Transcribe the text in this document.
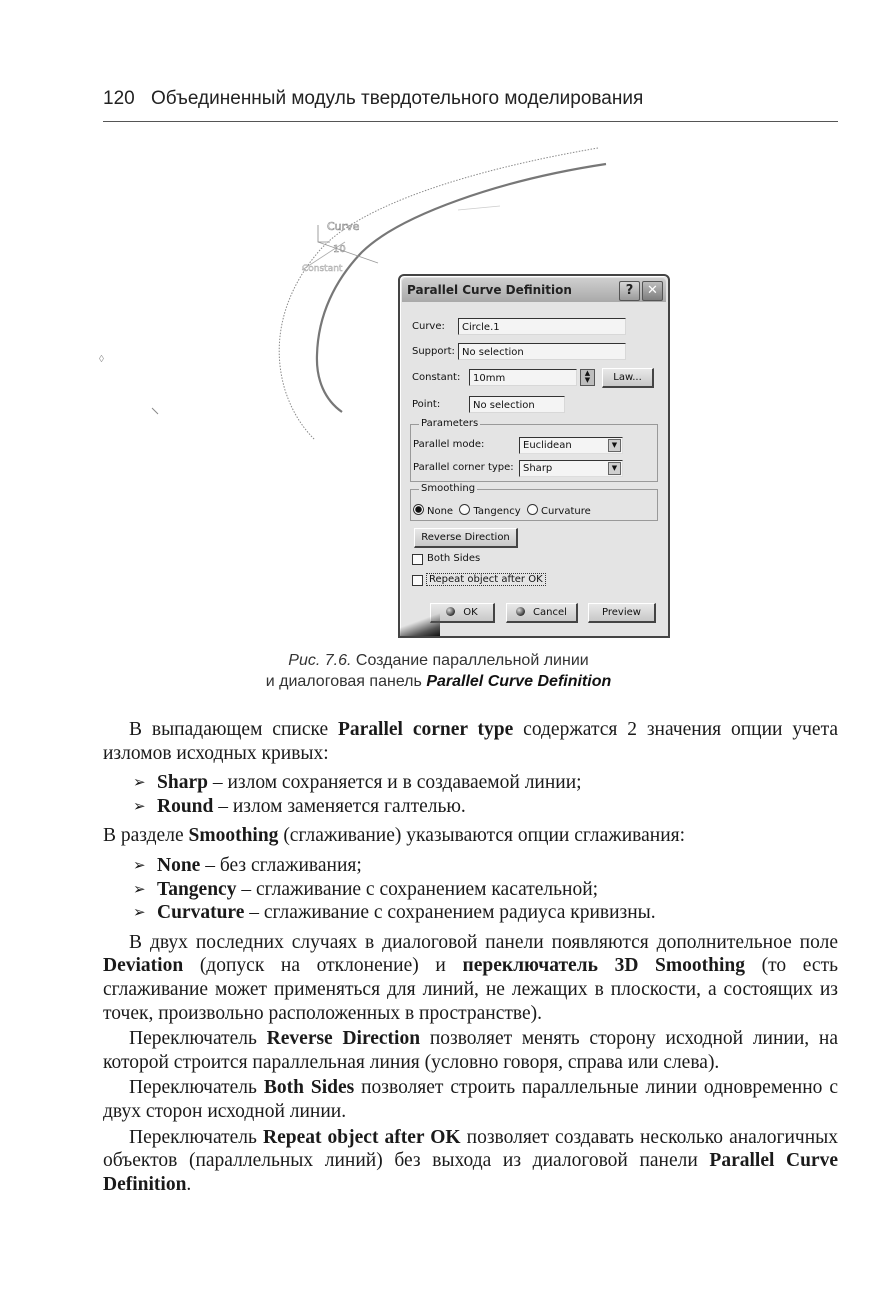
120 Объединенный модуль твердотельного моделирования
Curve
10
Constant
◊
Parallel Curve Definition	?	✕
Curve:	Circle.1
Support: No selection
Constant:	10mm	▲
▼	Law...
Point:	No selection
Parameters
Parallel mode:	Euclidean	▼
Parallel corner type: Sharp	▼
Smoothing
None Tangency Curvature
Reverse Direction
Both Sides
Repeat object after OK
OK	Cancel	Preview
Рис. 7.6. Создание параллельной линии
и диалоговая панель Parallel Curve Definition

В выпадающем списке Parallel corner type содержатся 2 значения опции учета изломов исходных кривых:

➢ Sharp – излом сохраняется и в создаваемой линии;
➢ Round – излом заменяется галтелью.

В разделе Smoothing (сглаживание) указываются опции сглаживания:

➢ None – без сглаживания;
➢ Tangency – сглаживание с сохранением касательной;
➢ Curvature – сглаживание с сохранением радиуса кривизны.

В двух последних случаях в диалоговой панели появляются дополнительное поле Deviation (допуск на отклонение) и переключатель 3D Smoothing (то есть сглаживание может применяться для линий, не лежащих в плоскости, а состоящих из точек, произвольно расположенных в пространстве).

Переключатель Reverse Direction позволяет менять сторону исходной линии, на которой строится параллельная линия (условно говоря, справа или слева).

Переключатель Both Sides позволяет строить параллельные линии одновременно с двух сторон исходной линии.

Переключатель Repeat object after OK позволяет создавать несколько аналогичных объектов (параллельных линий) без выхода из диалоговой панели Parallel Curve Definition.
